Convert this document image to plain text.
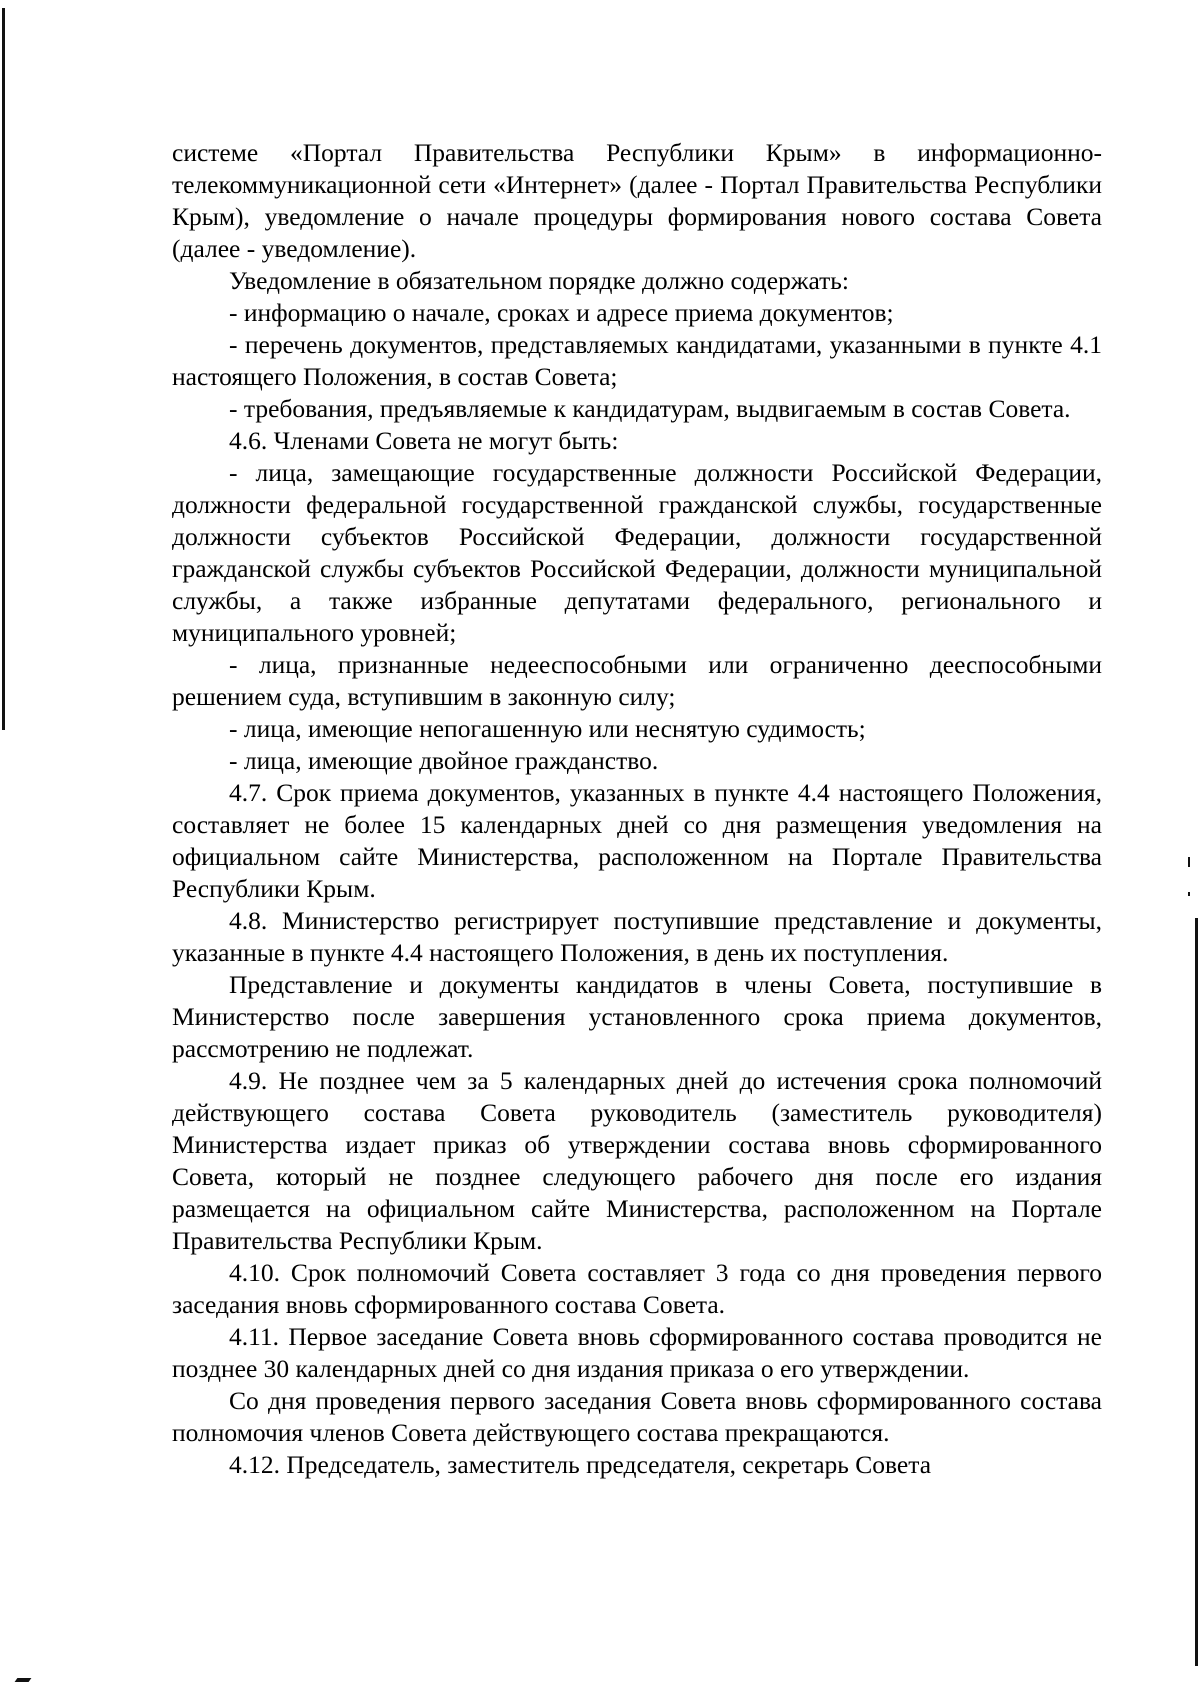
системе «Портал Правительства Республики Крым» в информационно-телекоммуникационной сети «Интернет» (далее - Портал Правительства Республики Крым), уведомление о начале процедуры формирования нового состава Совета (далее - уведомление).

Уведомление в обязательном порядке должно содержать:

- информацию о начале, сроках и адресе приема документов;

- перечень документов, представляемых кандидатами, указанными в пункте 4.1 настоящего Положения, в состав Совета;

- требования, предъявляемые к кандидатурам, выдвигаемым в состав Совета.

4.6. Членами Совета не могут быть:

- лица, замещающие государственные должности Российской Федерации, должности федеральной государственной гражданской службы, государственные должности субъектов Российской Федерации, должности государственной гражданской службы субъектов Российской Федерации, должности муниципальной службы, а также избранные депутатами федерального, регионального и муниципального уровней;

- лица, признанные недееспособными или ограниченно дееспособными решением суда, вступившим в законную силу;

- лица, имеющие непогашенную или неснятую судимость;

- лица, имеющие двойное гражданство.

4.7. Срок приема документов, указанных в пункте 4.4 настоящего Положения, составляет не более 15 календарных дней со дня размещения уведомления на официальном сайте Министерства, расположенном на Портале Правительства Республики Крым.

4.8. Министерство регистрирует поступившие представление и документы, указанные в пункте 4.4 настоящего Положения, в день их поступления.

Представление и документы кандидатов в члены Совета, поступившие в Министерство после завершения установленного срока приема документов, рассмотрению не подлежат.

4.9. Не позднее чем за 5 календарных дней до истечения срока полномочий действующего состава Совета руководитель (заместитель руководителя) Министерства издает приказ об утверждении состава вновь сформированного Совета, который не позднее следующего рабочего дня после его издания размещается на официальном сайте Министерства, расположенном на Портале Правительства Республики Крым.

4.10. Срок полномочий Совета составляет 3 года со дня проведения первого заседания вновь сформированного состава Совета.

4.11. Первое заседание Совета вновь сформированного состава проводится не позднее 30 календарных дней со дня издания приказа о его утверждении.

Со дня проведения первого заседания Совета вновь сформированного состава полномочия членов Совета действующего состава прекращаются.

4.12. Председатель, заместитель председателя, секретарь Совета
